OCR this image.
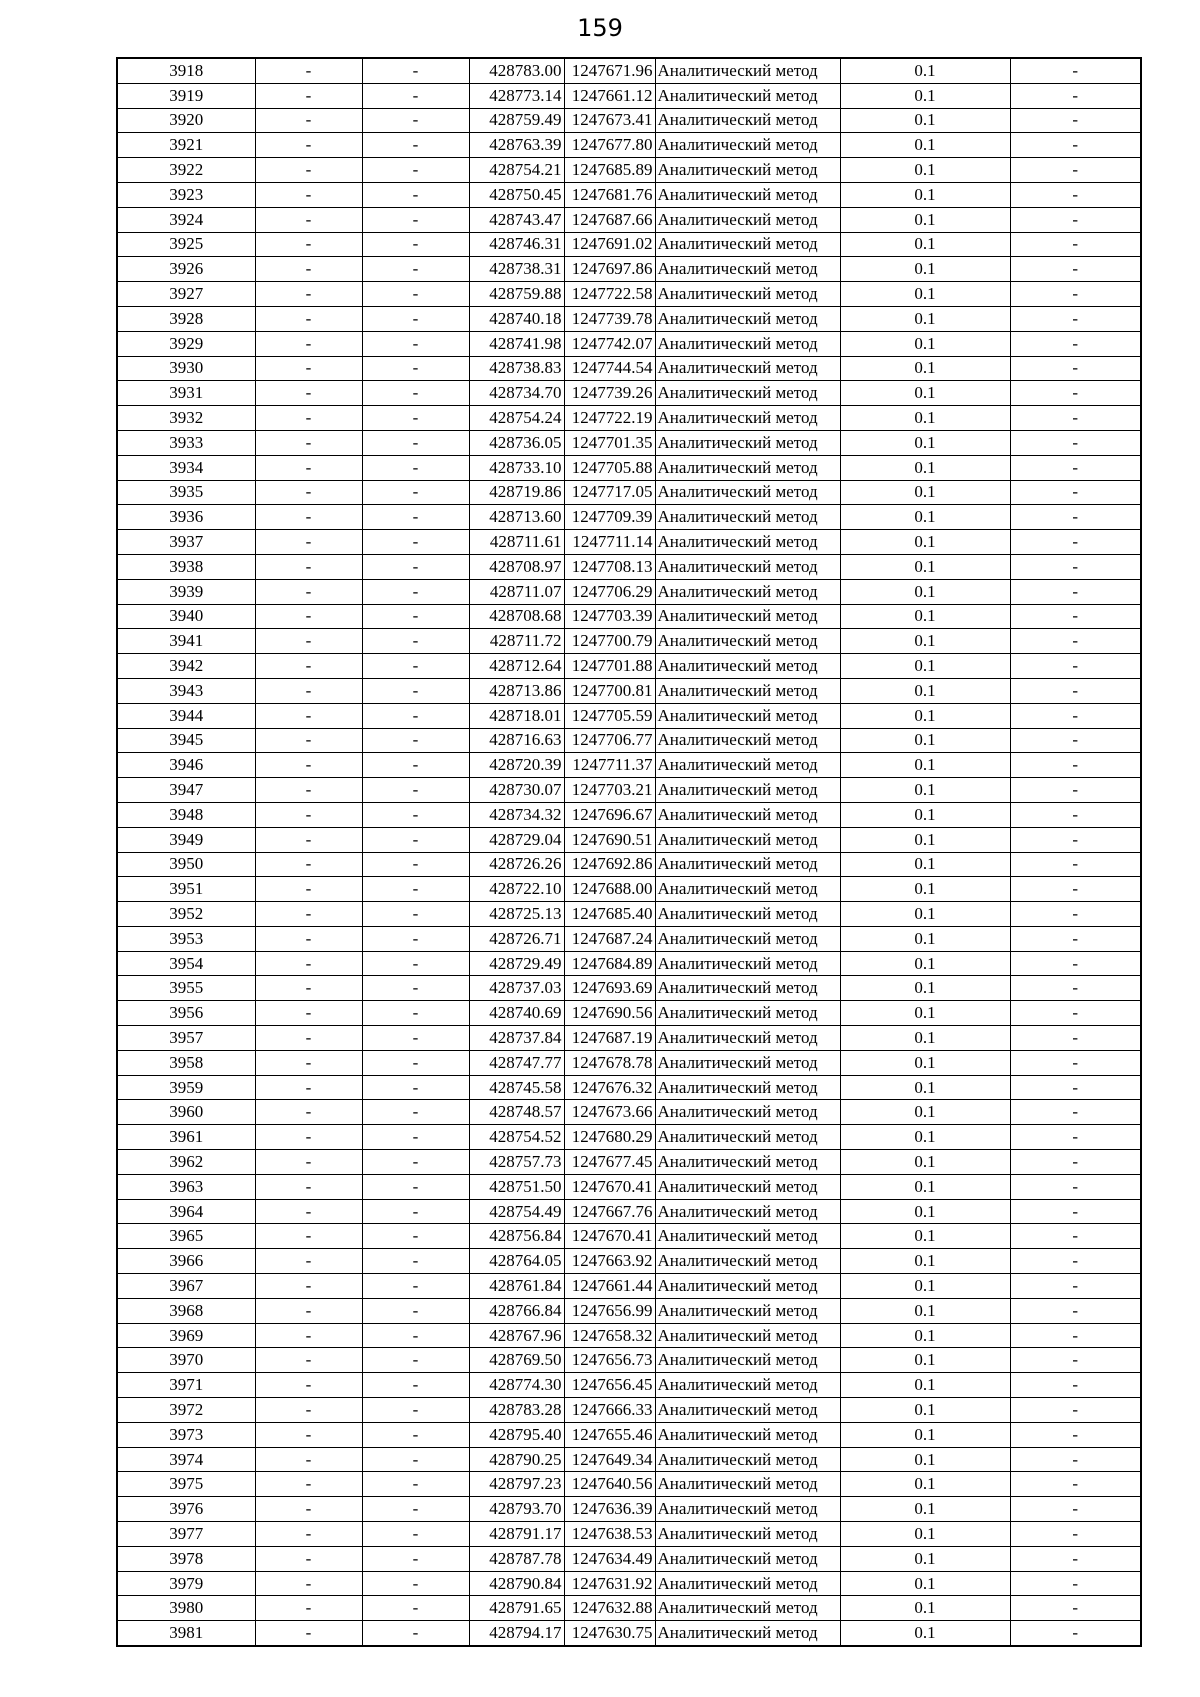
159
3918	-	-	428783.00	1247671.96	Аналитический метод	0.1	-
3919	-	-	428773.14	1247661.12	Аналитический метод	0.1	-
3920	-	-	428759.49	1247673.41	Аналитический метод	0.1	-
3921	-	-	428763.39	1247677.80	Аналитический метод	0.1	-
3922	-	-	428754.21	1247685.89	Аналитический метод	0.1	-
3923	-	-	428750.45	1247681.76	Аналитический метод	0.1	-
3924	-	-	428743.47	1247687.66	Аналитический метод	0.1	-
3925	-	-	428746.31	1247691.02	Аналитический метод	0.1	-
3926	-	-	428738.31	1247697.86	Аналитический метод	0.1	-
3927	-	-	428759.88	1247722.58	Аналитический метод	0.1	-
3928	-	-	428740.18	1247739.78	Аналитический метод	0.1	-
3929	-	-	428741.98	1247742.07	Аналитический метод	0.1	-
3930	-	-	428738.83	1247744.54	Аналитический метод	0.1	-
3931	-	-	428734.70	1247739.26	Аналитический метод	0.1	-
3932	-	-	428754.24	1247722.19	Аналитический метод	0.1	-
3933	-	-	428736.05	1247701.35	Аналитический метод	0.1	-
3934	-	-	428733.10	1247705.88	Аналитический метод	0.1	-
3935	-	-	428719.86	1247717.05	Аналитический метод	0.1	-
3936	-	-	428713.60	1247709.39	Аналитический метод	0.1	-
3937	-	-	428711.61	1247711.14	Аналитический метод	0.1	-
3938	-	-	428708.97	1247708.13	Аналитический метод	0.1	-
3939	-	-	428711.07	1247706.29	Аналитический метод	0.1	-
3940	-	-	428708.68	1247703.39	Аналитический метод	0.1	-
3941	-	-	428711.72	1247700.79	Аналитический метод	0.1	-
3942	-	-	428712.64	1247701.88	Аналитический метод	0.1	-
3943	-	-	428713.86	1247700.81	Аналитический метод	0.1	-
3944	-	-	428718.01	1247705.59	Аналитический метод	0.1	-
3945	-	-	428716.63	1247706.77	Аналитический метод	0.1	-
3946	-	-	428720.39	1247711.37	Аналитический метод	0.1	-
3947	-	-	428730.07	1247703.21	Аналитический метод	0.1	-
3948	-	-	428734.32	1247696.67	Аналитический метод	0.1	-
3949	-	-	428729.04	1247690.51	Аналитический метод	0.1	-
3950	-	-	428726.26	1247692.86	Аналитический метод	0.1	-
3951	-	-	428722.10	1247688.00	Аналитический метод	0.1	-
3952	-	-	428725.13	1247685.40	Аналитический метод	0.1	-
3953	-	-	428726.71	1247687.24	Аналитический метод	0.1	-
3954	-	-	428729.49	1247684.89	Аналитический метод	0.1	-
3955	-	-	428737.03	1247693.69	Аналитический метод	0.1	-
3956	-	-	428740.69	1247690.56	Аналитический метод	0.1	-
3957	-	-	428737.84	1247687.19	Аналитический метод	0.1	-
3958	-	-	428747.77	1247678.78	Аналитический метод	0.1	-
3959	-	-	428745.58	1247676.32	Аналитический метод	0.1	-
3960	-	-	428748.57	1247673.66	Аналитический метод	0.1	-
3961	-	-	428754.52	1247680.29	Аналитический метод	0.1	-
3962	-	-	428757.73	1247677.45	Аналитический метод	0.1	-
3963	-	-	428751.50	1247670.41	Аналитический метод	0.1	-
3964	-	-	428754.49	1247667.76	Аналитический метод	0.1	-
3965	-	-	428756.84	1247670.41	Аналитический метод	0.1	-
3966	-	-	428764.05	1247663.92	Аналитический метод	0.1	-
3967	-	-	428761.84	1247661.44	Аналитический метод	0.1	-
3968	-	-	428766.84	1247656.99	Аналитический метод	0.1	-
3969	-	-	428767.96	1247658.32	Аналитический метод	0.1	-
3970	-	-	428769.50	1247656.73	Аналитический метод	0.1	-
3971	-	-	428774.30	1247656.45	Аналитический метод	0.1	-
3972	-	-	428783.28	1247666.33	Аналитический метод	0.1	-
3973	-	-	428795.40	1247655.46	Аналитический метод	0.1	-
3974	-	-	428790.25	1247649.34	Аналитический метод	0.1	-
3975	-	-	428797.23	1247640.56	Аналитический метод	0.1	-
3976	-	-	428793.70	1247636.39	Аналитический метод	0.1	-
3977	-	-	428791.17	1247638.53	Аналитический метод	0.1	-
3978	-	-	428787.78	1247634.49	Аналитический метод	0.1	-
3979	-	-	428790.84	1247631.92	Аналитический метод	0.1	-
3980	-	-	428791.65	1247632.88	Аналитический метод	0.1	-
3981	-	-	428794.17	1247630.75	Аналитический метод	0.1	-
